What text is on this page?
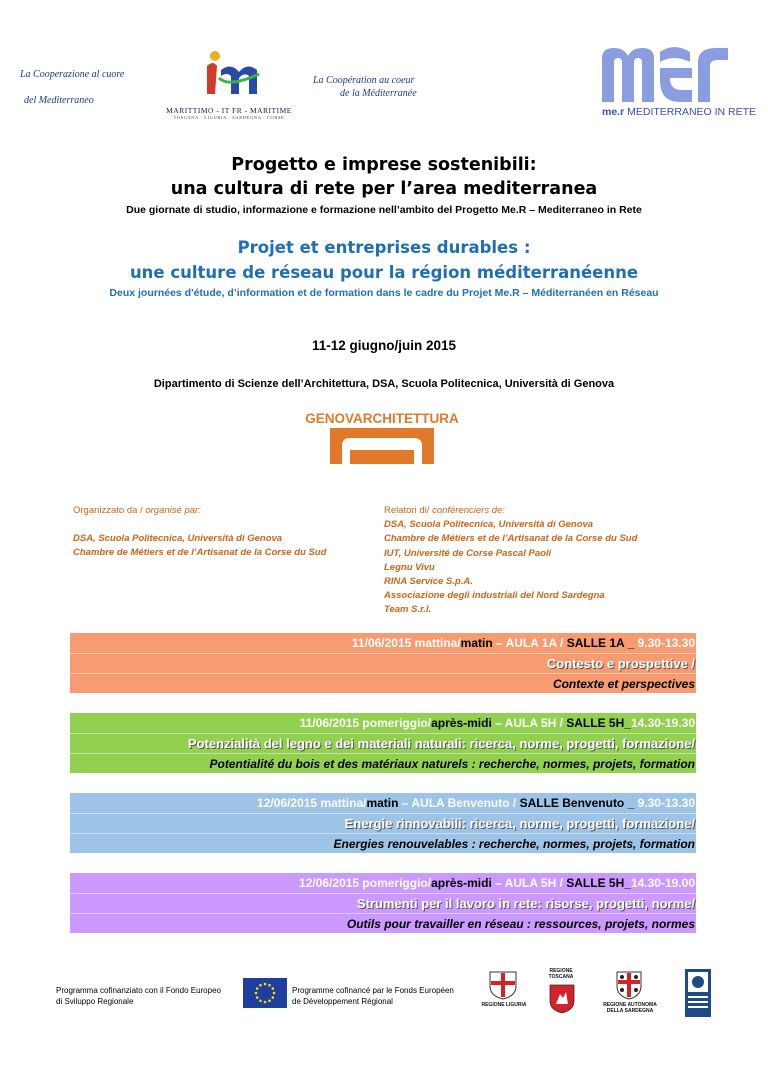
La Cooperazione al cuore
del Mediterraneo
MARITTIMO - IT FR - MARITIME
TOSCANA · LIGURIA · SARDEGNA · CORSE
La Coopération au coeur
de la Méditerranée
me.r MEDITERRANEO IN RETE
Progetto e imprese sostenibili:
una cultura di rete per l’area mediterranea
Due giornate di studio, informazione e formazione nell’ambito del Progetto Me.R – Mediterraneo in Rete
Projet et entreprises durables :
une culture de réseau pour la région méditerranéenne
Deux journées d'étude, d’information et de formation dans le cadre du Projet Me.R – Méditerranéen en Réseau
11-12 giugno/juin 2015
Dipartimento di Scienze dell’Architettura, DSA, Scuola Politecnica, Università di Genova
GENOVARCHITETTURA
Organizzato da / organisé par:
DSA, Scuola Politecnica, Università di Genova
Chambre de Métiers et de l’Artisanat de la Corse du Sud
Relatori di/ conférenciers de:
DSA, Scuola Politecnica, Università di Genova
Chambre de Métiers et de l’Artisanat de la Corse du Sud
IUT, Université de Corse Pascal Paoli
Legnu Vivu
RINA Service S.p.A.
Associazione degli industriali del Nord Sardegna
Team S.r.l.
11/06/2015 mattina/matin – AULA 1A / SALLE 1A _ 9.30-13.30
Contesto e prospettive /
Contexte et perspectives
11/06/2015 pomeriggio/après-midi – AULA 5H / SALLE 5H_14.30-19.30
Potenzialità del legno e dei materiali naturali: ricerca, norme, progetti, formazione/
Potentialité du bois et des matériaux naturels : recherche, normes, projets, formation
12/06/2015 mattina/matin – AULA Benvenuto / SALLE Benvenuto _ 9.30-13.30
Energie rinnovabili: ricerca, norme, progetti, formazione/
Energies renouvelables : recherche, normes, projets, formation
12/06/2015 pomeriggio/après-midi – AULA 5H / SALLE 5H_14.30-19.00
Strumenti per il lavoro in rete: risorse, progetti, norme/
Outils pour travailler en réseau : ressources, projets, normes
Programma cofinanziato con il Fondo Europeo
di Sviluppo Regionale
Programme cofinancé par le Fonds Européen
de Développement Régional	REGIONE LIGURIA
REGIONE TOSCANA
REGIONE AUTONOMA
DELLA SARDEGNA
